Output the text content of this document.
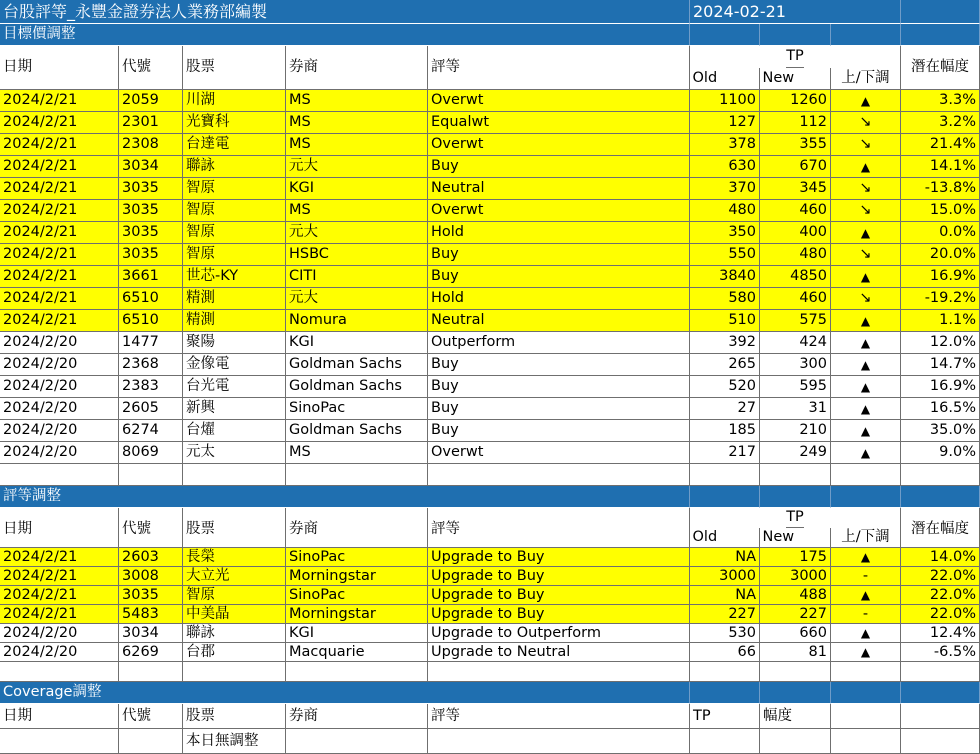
台股評等_永豐金證券法人業務部編製	2024-02-21
目標價調整
日期	代號	股票	券商	評等
TP
Old	New	上/下調
潛在幅度
2024/2/21	2059	川湖	MS	Overwt	1100	1260	▲	3.3%
2024/2/21	2301	光寶科	MS	Equalwt	127	112	↘	3.2%
2024/2/21	2308	台達電	MS	Overwt	378	355	↘	21.4%
2024/2/21	3034	聯詠	元大	Buy	630	670	▲	14.1%
2024/2/21	3035	智原	KGI	Neutral	370	345	↘	-13.8%
2024/2/21	3035	智原	MS	Overwt	480	460	↘	15.0%
2024/2/21	3035	智原	元大	Hold	350	400	▲	0.0%
2024/2/21	3035	智原	HSBC	Buy	550	480	↘	20.0%
2024/2/21	3661	世芯-KY	CITI	Buy	3840	4850	▲	16.9%
2024/2/21	6510	精測	元大	Hold	580	460	↘	-19.2%
2024/2/21	6510	精測	Nomura	Neutral	510	575	▲	1.1%
2024/2/20	1477	聚陽	KGI	Outperform	392	424	▲	12.0%
2024/2/20	2368	金像電	Goldman Sachs	Buy	265	300	▲	14.7%
2024/2/20	2383	台光電	Goldman Sachs	Buy	520	595	▲	16.9%
2024/2/20	2605	新興	SinoPac	Buy	27	31	▲	16.5%
2024/2/20	6274	台燿	Goldman Sachs	Buy	185	210	▲	35.0%
2024/2/20	8069	元太	MS	Overwt	217	249	▲	9.0%
評等調整
日期	代號	股票	券商	評等
TP
Old	New	上/下調
潛在幅度
2024/2/21	2603	長榮	SinoPac	Upgrade to Buy	NA	175	▲	14.0%
2024/2/21	3008	大立光	Morningstar	Upgrade to Buy	3000	3000	-	22.0%
2024/2/21	3035	智原	SinoPac	Upgrade to Buy	NA	488	▲	22.0%
2024/2/21	5483	中美晶	Morningstar	Upgrade to Buy	227	227	-	22.0%
2024/2/20	3034	聯詠	KGI	Upgrade to Outperform	530	660	▲	12.4%
2024/2/20	6269	台郡	Macquarie	Upgrade to Neutral	66	81	▲	-6.5%
Coverage調整
日期	代號	股票	券商	評等	TP	幅度
本日無調整
